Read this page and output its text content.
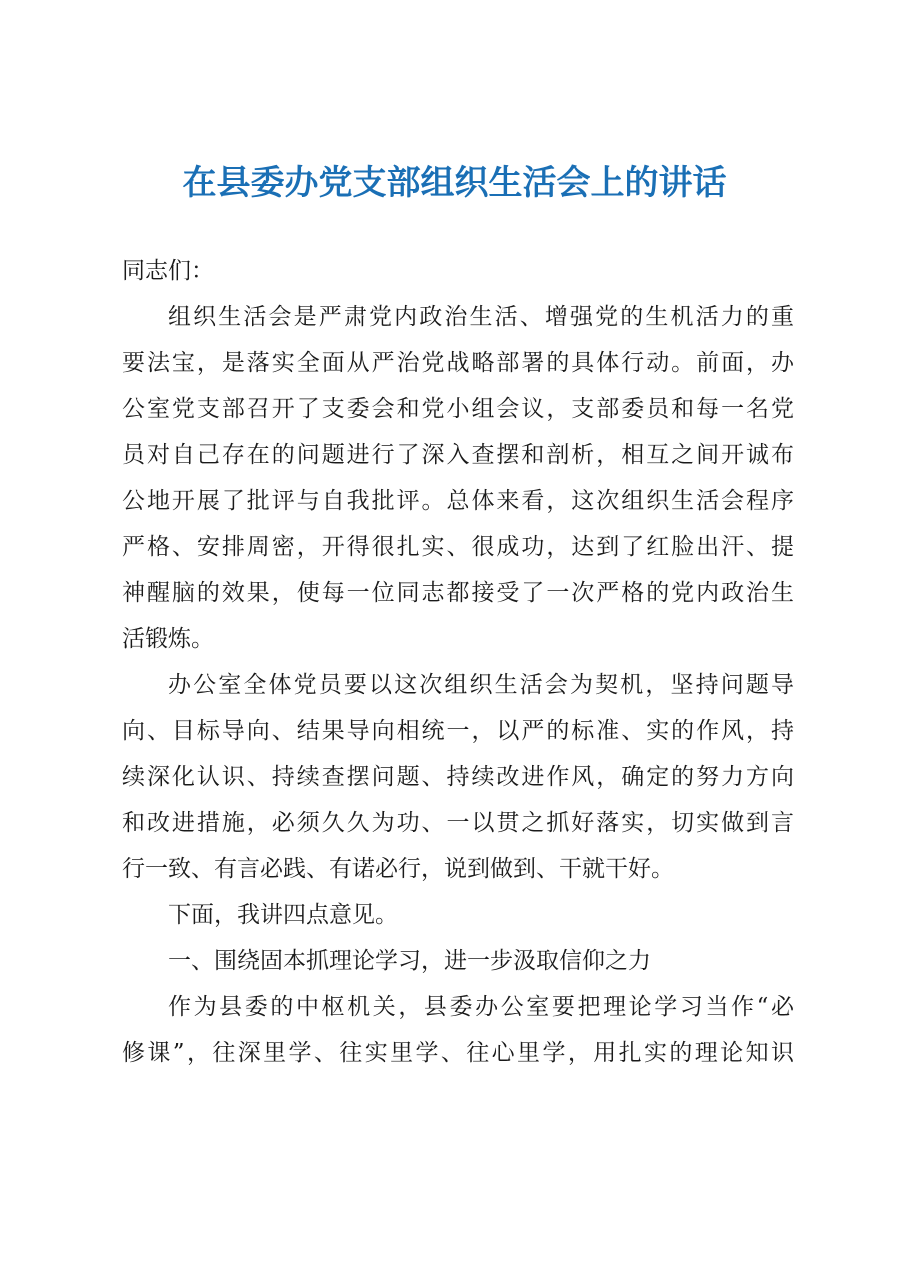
在县委办党支部组织生活会上的讲话
同志们：
组织生活会是严肃党内政治生活、增强党的生机活力的重
要法宝，是落实全面从严治党战略部署的具体行动。前面，办
公室党支部召开了支委会和党小组会议，支部委员和每一名党
员对自己存在的问题进行了深入查摆和剖析，相互之间开诚布
公地开展了批评与自我批评。总体来看，这次组织生活会程序
严格、安排周密，开得很扎实、很成功，达到了红脸出汗、提
神醒脑的效果，使每一位同志都接受了一次严格的党内政治生
活锻炼。
办公室全体党员要以这次组织生活会为契机，坚持问题导
向、目标导向、结果导向相统一，以严的标准、实的作风，持
续深化认识、持续查摆问题、持续改进作风，确定的努力方向
和改进措施，必须久久为功、一以贯之抓好落实，切实做到言
行一致、有言必践、有诺必行，说到做到、干就干好。
下面，我讲四点意见。
一、围绕固本抓理论学习，进一步汲取信仰之力
作为县委的中枢机关，县委办公室要把理论学习当作“必
修课”，往深里学、往实里学、往心里学，用扎实的理论知识
